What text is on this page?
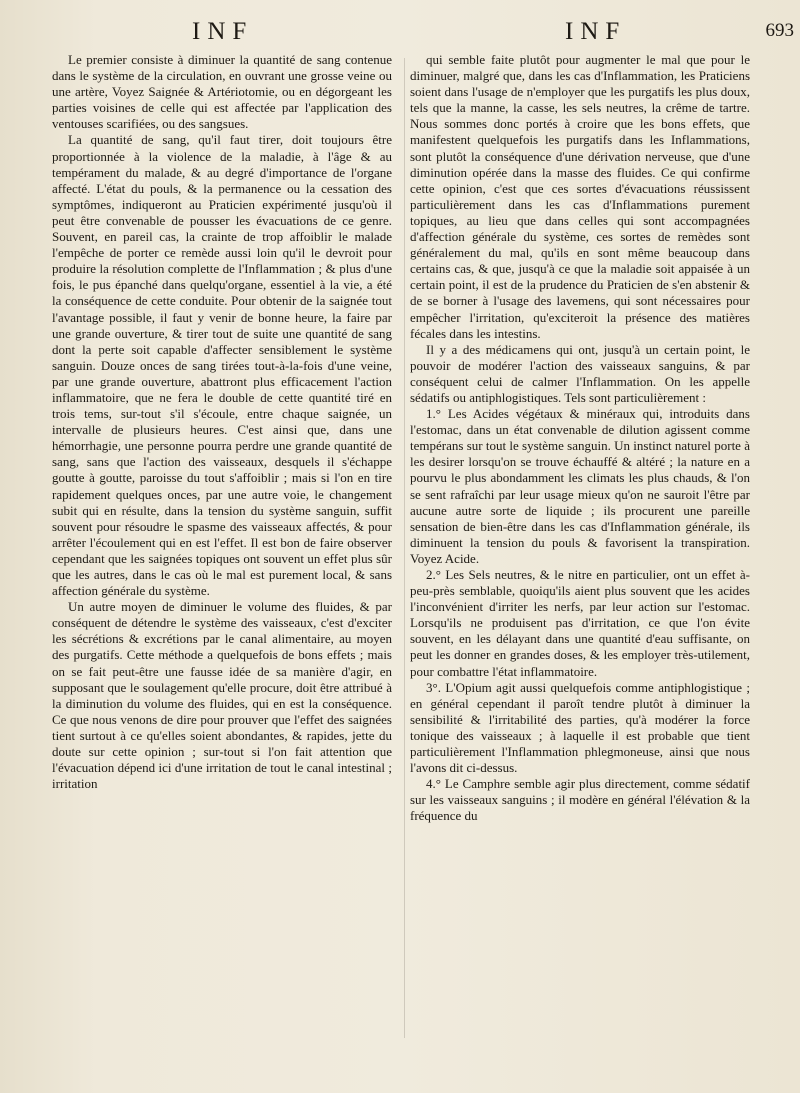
INF	INF	693

Le premier consiste à diminuer la quantité de sang contenue dans le système de la circulation, en ouvrant une grosse veine ou une artère, Voyez Saignée & Artériotomie, ou en dégorgeant les parties voisines de celle qui est affectée par l'application des ventouses scarifiées, ou des sangsues.

La quantité de sang, qu'il faut tirer, doit toujours être proportionnée à la violence de la maladie, à l'âge & au tempérament du malade, & au degré d'importance de l'organe affecté. L'état du pouls, & la permanence ou la cessation des symptômes, indiqueront au Praticien expérimenté jusqu'où il peut être convenable de pousser les évacuations de ce genre. Souvent, en pareil cas, la crainte de trop affoiblir le malade l'empêche de porter ce remède aussi loin qu'il le devroit pour produire la résolution complette de l'Inflammation ; & plus d'une fois, le pus épanché dans quelqu'organe, essentiel à la vie, a été la conséquence de cette conduite. Pour obtenir de la saignée tout l'avantage possible, il faut y venir de bonne heure, la faire par une grande ouverture, & tirer tout de suite une quantité de sang dont la perte soit capable d'affecter sensiblement le système sanguin. Douze onces de sang tirées tout-à-la-fois d'une veine, par une grande ouverture, abattront plus efficacement l'action inflammatoire, que ne fera le double de cette quantité tiré en trois tems, sur-tout s'il s'écoule, entre chaque saignée, un intervalle de plusieurs heures. C'est ainsi que, dans une hémorrhagie, une personne pourra perdre une grande quantité de sang, sans que l'action des vaisseaux, desquels il s'échappe goutte à goutte, paroisse du tout s'affoiblir ; mais si l'on en tire rapidement quelques onces, par une autre voie, le changement subit qui en résulte, dans la tension du système sanguin, suffit souvent pour résoudre le spasme des vaisseaux affectés, & pour arrêter l'écoulement qui en est l'effet. Il est bon de faire observer cependant que les saignées topiques ont souvent un effet plus sûr que les autres, dans le cas où le mal est purement local, & sans affection générale du système.

Un autre moyen de diminuer le volume des fluides, & par conséquent de détendre le système des vaisseaux, c'est d'exciter les sécrétions & excrétions par le canal alimentaire, au moyen des purgatifs. Cette méthode a quelquefois de bons effets ; mais on se fait peut-être une fausse idée de sa manière d'agir, en supposant que le soulagement qu'elle procure, doit être attribué à la diminution du volume des fluides, qui en est la conséquence. Ce que nous venons de dire pour prouver que l'effet des saignées tient surtout à ce qu'elles soient abondantes, & rapides, jette du doute sur cette opinion ; sur-tout si l'on fait attention que l'évacuation dépend ici d'une irritation de tout le canal intestinal ; irritation

qui semble faite plutôt pour augmenter le mal que pour le diminuer, malgré que, dans les cas d'Inflammation, les Praticiens soient dans l'usage de n'employer que les purgatifs les plus doux, tels que la manne, la casse, les sels neutres, la crême de tartre. Nous sommes donc portés à croire que les bons effets, que manifestent quelquefois les purgatifs dans les Inflammations, sont plutôt la conséquence d'une dérivation nerveuse, que d'une diminution opérée dans la masse des fluides. Ce qui confirme cette opinion, c'est que ces sortes d'évacuations réussissent particulièrement dans les cas d'Inflammations purement topiques, au lieu que dans celles qui sont accompagnées d'affection générale du système, ces sortes de remèdes sont généralement du mal, qu'ils en sont même beaucoup dans certains cas, & que, jusqu'à ce que la maladie soit appaisée à un certain point, il est de la prudence du Praticien de s'en abstenir & de se borner à l'usage des lavemens, qui sont nécessaires pour empêcher l'irritation, qu'exciteroit la présence des matières fécales dans les intestins.

Il y a des médicamens qui ont, jusqu'à un certain point, le pouvoir de modérer l'action des vaisseaux sanguins, & par conséquent celui de calmer l'Inflammation. On les appelle sédatifs ou antiphlogistiques. Tels sont particulièrement :

1.° Les Acides végétaux & minéraux qui, introduits dans l'estomac, dans un état convenable de dilution agissent comme tempérans sur tout le système sanguin. Un instinct naturel porte à les desirer lorsqu'on se trouve échauffé & altéré ; la nature en a pourvu le plus abondamment les climats les plus chauds, & l'on se sent rafraîchi par leur usage mieux qu'on ne sauroit l'être par aucune autre sorte de liquide ; ils procurent une pareille sensation de bien-être dans les cas d'Inflammation générale, ils diminuent la tension du pouls & favorisent la transpiration. Voyez Acide.

2.° Les Sels neutres, & le nitre en particulier, ont un effet à-peu-près semblable, quoiqu'ils aient plus souvent que les acides l'inconvénient d'irriter les nerfs, par leur action sur l'estomac. Lorsqu'ils ne produisent pas d'irritation, ce que l'on évite souvent, en les délayant dans une quantité d'eau suffisante, on peut les donner en grandes doses, & les employer très-utilement, pour combattre l'état inflammatoire.

3°. L'Opium agit aussi quelquefois comme antiphlogistique ; en général cependant il paroît tendre plutôt à diminuer la sensibilité & l'irritabilité des parties, qu'à modérer la force tonique des vaisseaux ; à laquelle il est probable que tient particulièrement l'Inflammation phlegmoneuse, ainsi que nous l'avons dit ci-dessus.

4.° Le Camphre semble agir plus directement, comme sédatif sur les vaisseaux sanguins ; il modère en général l'élévation & la fréquence du
